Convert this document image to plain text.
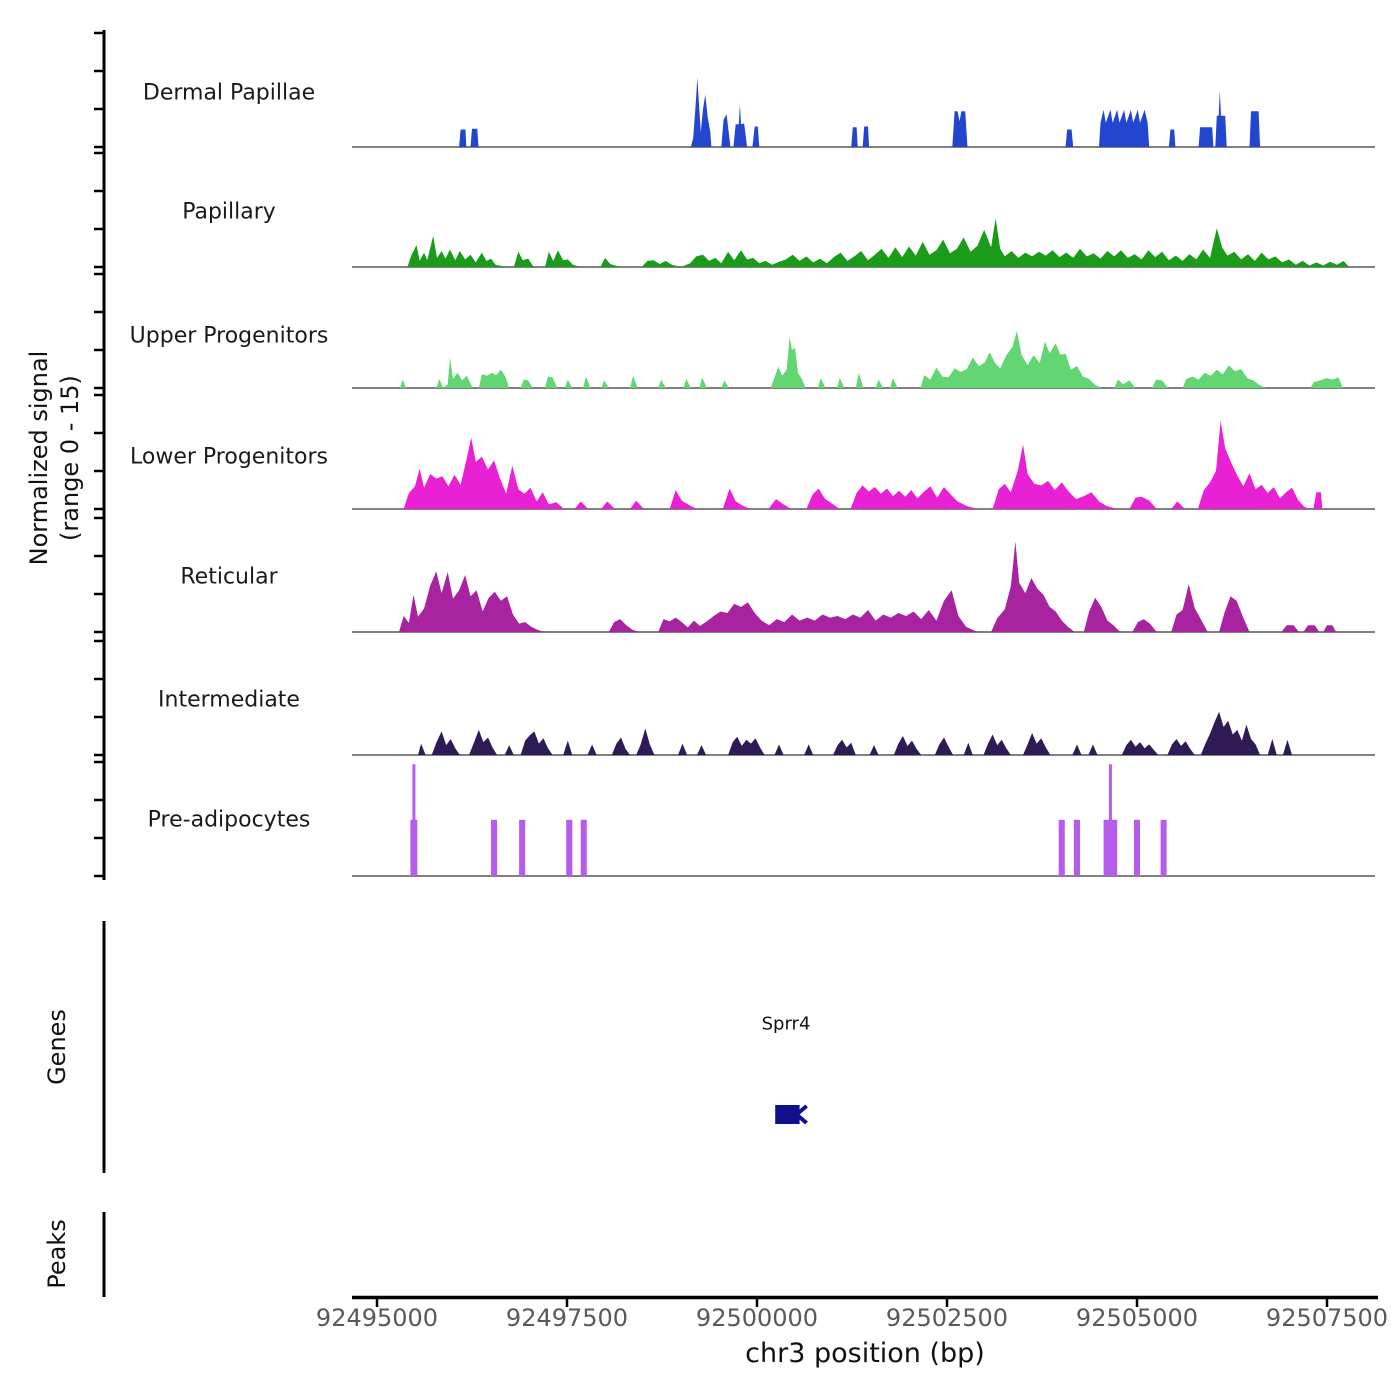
Normalized signal (range 0 - 15)
Dermal Papillae
Papillary
Upper Progenitors
Lower Progenitors
Reticular
Intermediate
Pre-adipocytes
Genes
Peaks
Sprr4
92495000	92497500	92500000	92502500	92505000	92507500
chr3 position (bp)
